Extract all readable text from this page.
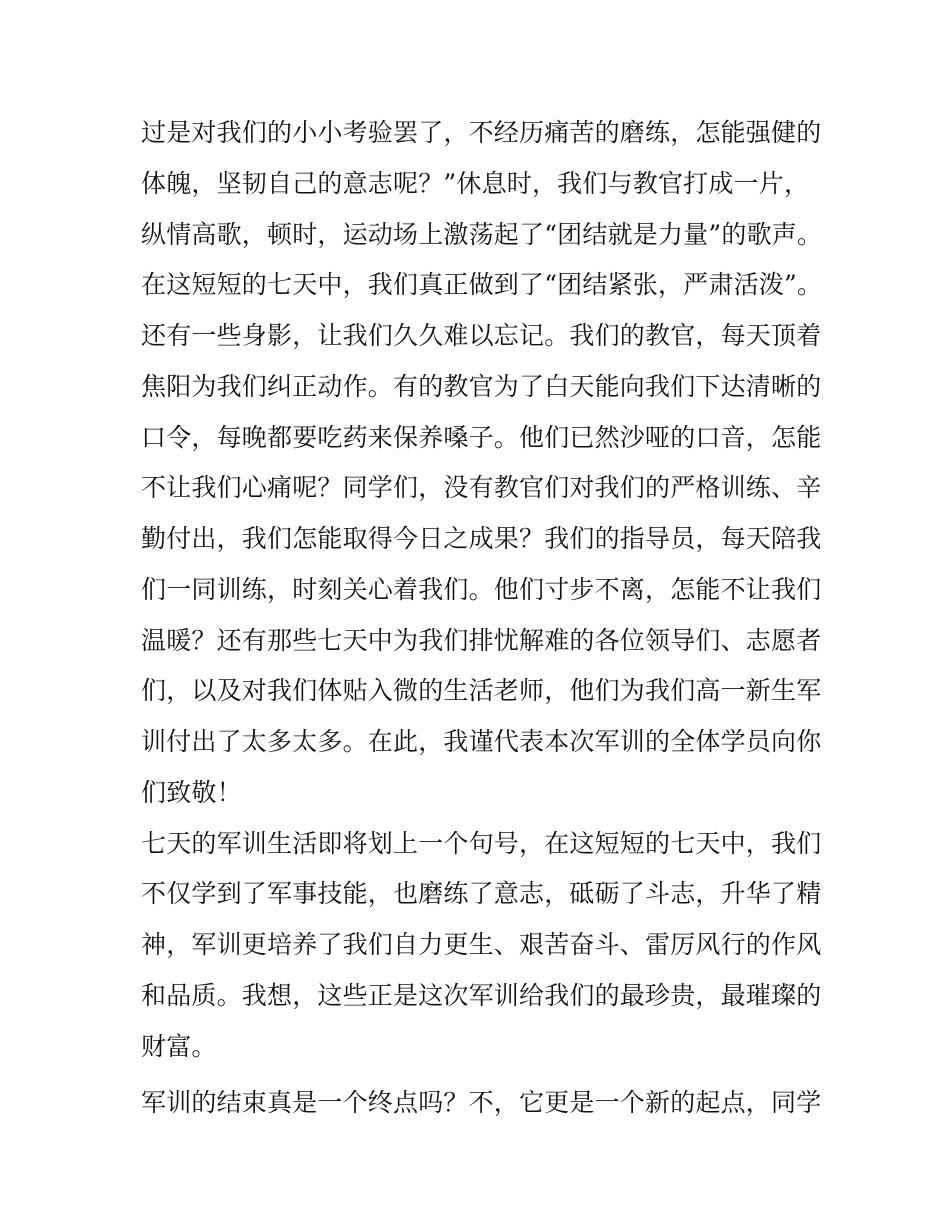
过是对我们的小小考验罢了，不经历痛苦的磨练，怎能强健的
体魄，坚韧自己的意志呢？”休息时，我们与教官打成一片，
纵情高歌，顿时，运动场上激荡起了“团结就是力量”的歌声。
在这短短的七天中，我们真正做到了“团结紧张，严肃活泼”。
还有一些身影，让我们久久难以忘记。我们的教官，每天顶着
焦阳为我们纠正动作。有的教官为了白天能向我们下达清晰的
口令，每晚都要吃药来保养嗓子。他们已然沙哑的口音，怎能
不让我们心痛呢？同学们，没有教官们对我们的严格训练、辛
勤付出，我们怎能取得今日之成果？我们的指导员，每天陪我
们一同训练，时刻关心着我们。他们寸步不离，怎能不让我们
温暖？还有那些七天中为我们排忧解难的各位领导们、志愿者
们，以及对我们体贴入微的生活老师，他们为我们高一新生军
训付出了太多太多。在此，我谨代表本次军训的全体学员向你
们致敬！
七天的军训生活即将划上一个句号，在这短短的七天中，我们
不仅学到了军事技能，也磨练了意志，砥砺了斗志，升华了精
神，军训更培养了我们自力更生、艰苦奋斗、雷厉风行的作风
和品质。我想，这些正是这次军训给我们的最珍贵，最璀璨的
财富。
军训的结束真是一个终点吗？不，它更是一个新的起点，同学
